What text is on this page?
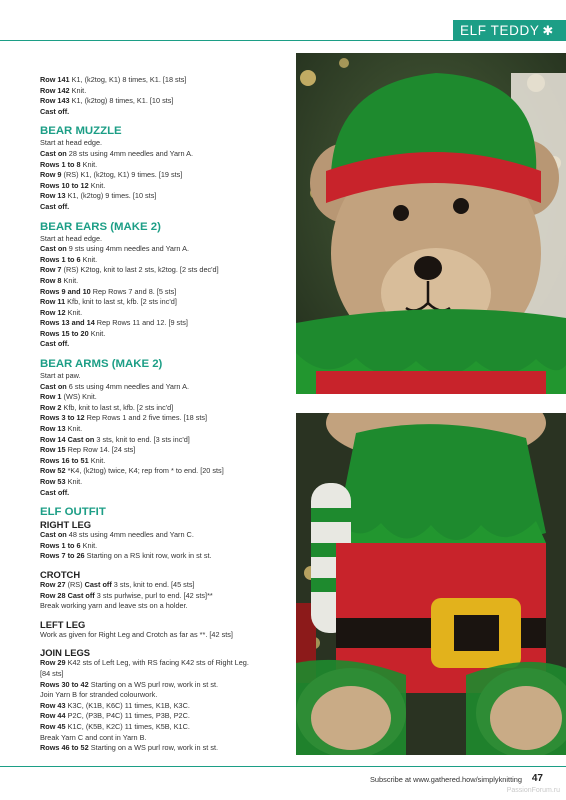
ELF TEDDY ✱
Row 141 K1, (k2tog, K1) 8 times, K1. [18 sts]
Row 142 Knit.
Row 143 K1, (k2tog) 8 times, K1. [10 sts]
Cast off.
BEAR MUZZLE
Start at head edge.
Cast on 28 sts using 4mm needles and Yarn A.
Rows 1 to 8 Knit.
Row 9 (RS) K1, (k2tog, K1) 9 times. [19 sts]
Rows 10 to 12 Knit.
Row 13 K1, (k2tog) 9 times. [10 sts]
Cast off.
BEAR EARS (MAKE 2)
Start at head edge.
Cast on 9 sts using 4mm needles and Yarn A.
Rows 1 to 6 Knit.
Row 7 (RS) K2tog, knit to last 2 sts, k2tog. [2 sts dec'd]
Row 8 Knit.
Rows 9 and 10 Rep Rows 7 and 8. [5 sts]
Row 11 Kfb, knit to last st, kfb. [2 sts inc'd]
Row 12 Knit.
Rows 13 and 14 Rep Rows 11 and 12. [9 sts]
Rows 15 to 20 Knit.
Cast off.
BEAR ARMS (MAKE 2)
Start at paw.
Cast on 6 sts using 4mm needles and Yarn A.
Row 1 (WS) Knit.
Row 2 Kfb, knit to last st, kfb. [2 sts inc'd]
Rows 3 to 12 Rep Rows 1 and 2 five times. [18 sts]
Row 13 Knit.
Row 14 Cast on 3 sts, knit to end. [3 sts inc'd]
Row 15 Rep Row 14. [24 sts]
Rows 16 to 51 Knit.
Row 52 *K4, (k2tog) twice, K4; rep from * to end. [20 sts]
Row 53 Knit.
Cast off.
ELF OUTFIT
RIGHT LEG
Cast on 48 sts using 4mm needles and Yarn C.
Rows 1 to 6 Knit.
Rows 7 to 26 Starting on a RS knit row, work in st st.
CROTCH
Row 27 (RS) Cast off 3 sts, knit to end. [45 sts]
Row 28 Cast off 3 sts purlwise, purl to end. [42 sts]**
Break working yarn and leave sts on a holder.
LEFT LEG
Work as given for Right Leg and Crotch as far as **. [42 sts]
JOIN LEGS
Row 29 K42 sts of Left Leg, with RS facing K42 sts of Right Leg.
[84 sts]
Rows 30 to 42 Starting on a WS purl row, work in st st.
Join Yarn B for stranded colourwork.
Row 43 K3C, (K1B, K6C) 11 times, K1B, K3C.
Row 44 P2C, (P3B, P4C) 11 times, P3B, P2C.
Row 45 K1C, (K5B, K2C) 11 times, K5B, K1C.
Break Yarn C and cont in Yarn B.
Rows 46 to 52 Starting on a WS purl row, work in st st.
Subscribe at www.gathered.how/simplyknitting 47
PassionForum.ru
